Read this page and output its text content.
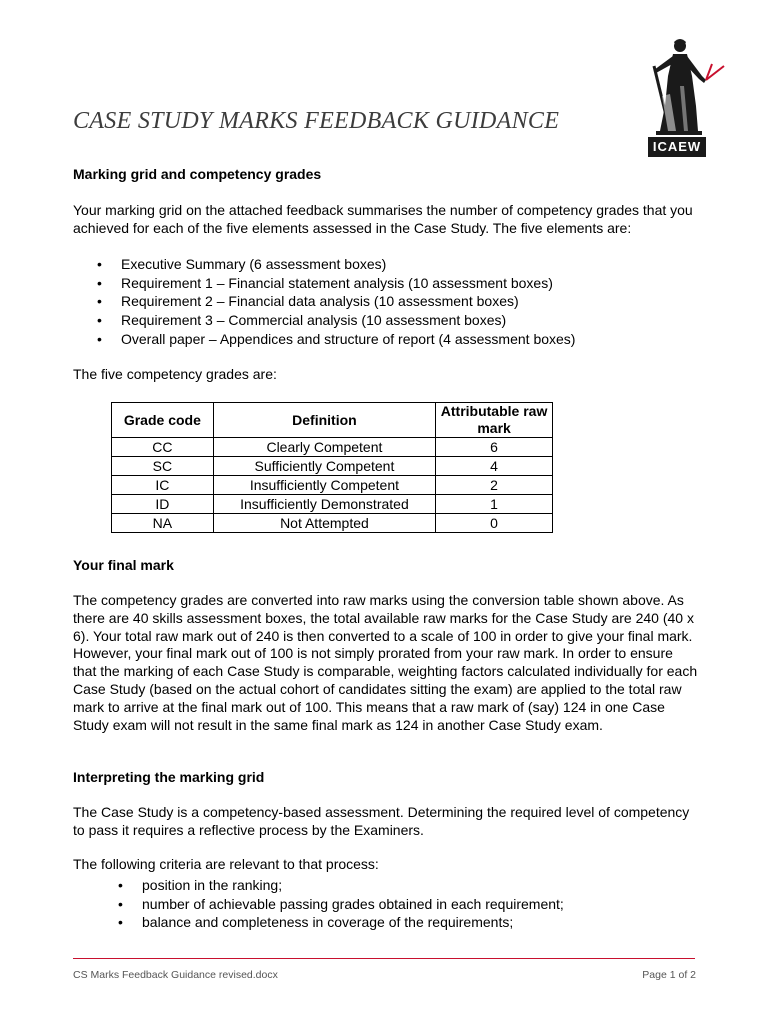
CASE STUDY MARKS FEEDBACK GUIDANCE
ICAEW
Marking grid and competency grades

Your marking grid on the attached feedback summarises the number of competency grades that you achieved for each of the five elements assessed in the Case Study. The five elements are:

• Executive Summary (6 assessment boxes)
• Requirement 1 – Financial statement analysis (10 assessment boxes)
• Requirement 2 – Financial data analysis (10 assessment boxes)
• Requirement 3 – Commercial analysis (10 assessment boxes)
• Overall paper – Appendices and structure of report (4 assessment boxes)

The five competency grades are:

Grade code	Definition	Attributable raw mark
CC	Clearly Competent	6
SC	Sufficiently Competent	4
IC	Insufficiently Competent	2
ID	Insufficiently Demonstrated	1
NA	Not Attempted	0
Your final mark

The competency grades are converted into raw marks using the conversion table shown above. As there are 40 skills assessment boxes, the total available raw marks for the Case Study are 240 (40 x 6). Your total raw mark out of 240 is then converted to a scale of 100 in order to give your final mark. However, your final mark out of 100 is not simply prorated from your raw mark. In order to ensure that the marking of each Case Study is comparable, weighting factors calculated individually for each Case Study (based on the actual cohort of candidates sitting the exam) are applied to the total raw mark to arrive at the final mark out of 100. This means that a raw mark of (say) 124 in one Case Study exam will not result in the same final mark as 124 in another Case Study exam.

Interpreting the marking grid

The Case Study is a competency-based assessment. Determining the required level of competency to pass it requires a reflective process by the Examiners.

The following criteria are relevant to that process:

• position in the ranking;
• number of achievable passing grades obtained in each requirement;
• balance and completeness in coverage of the requirements;
CS Marks Feedback Guidance revised.docx	Page 1 of 2
